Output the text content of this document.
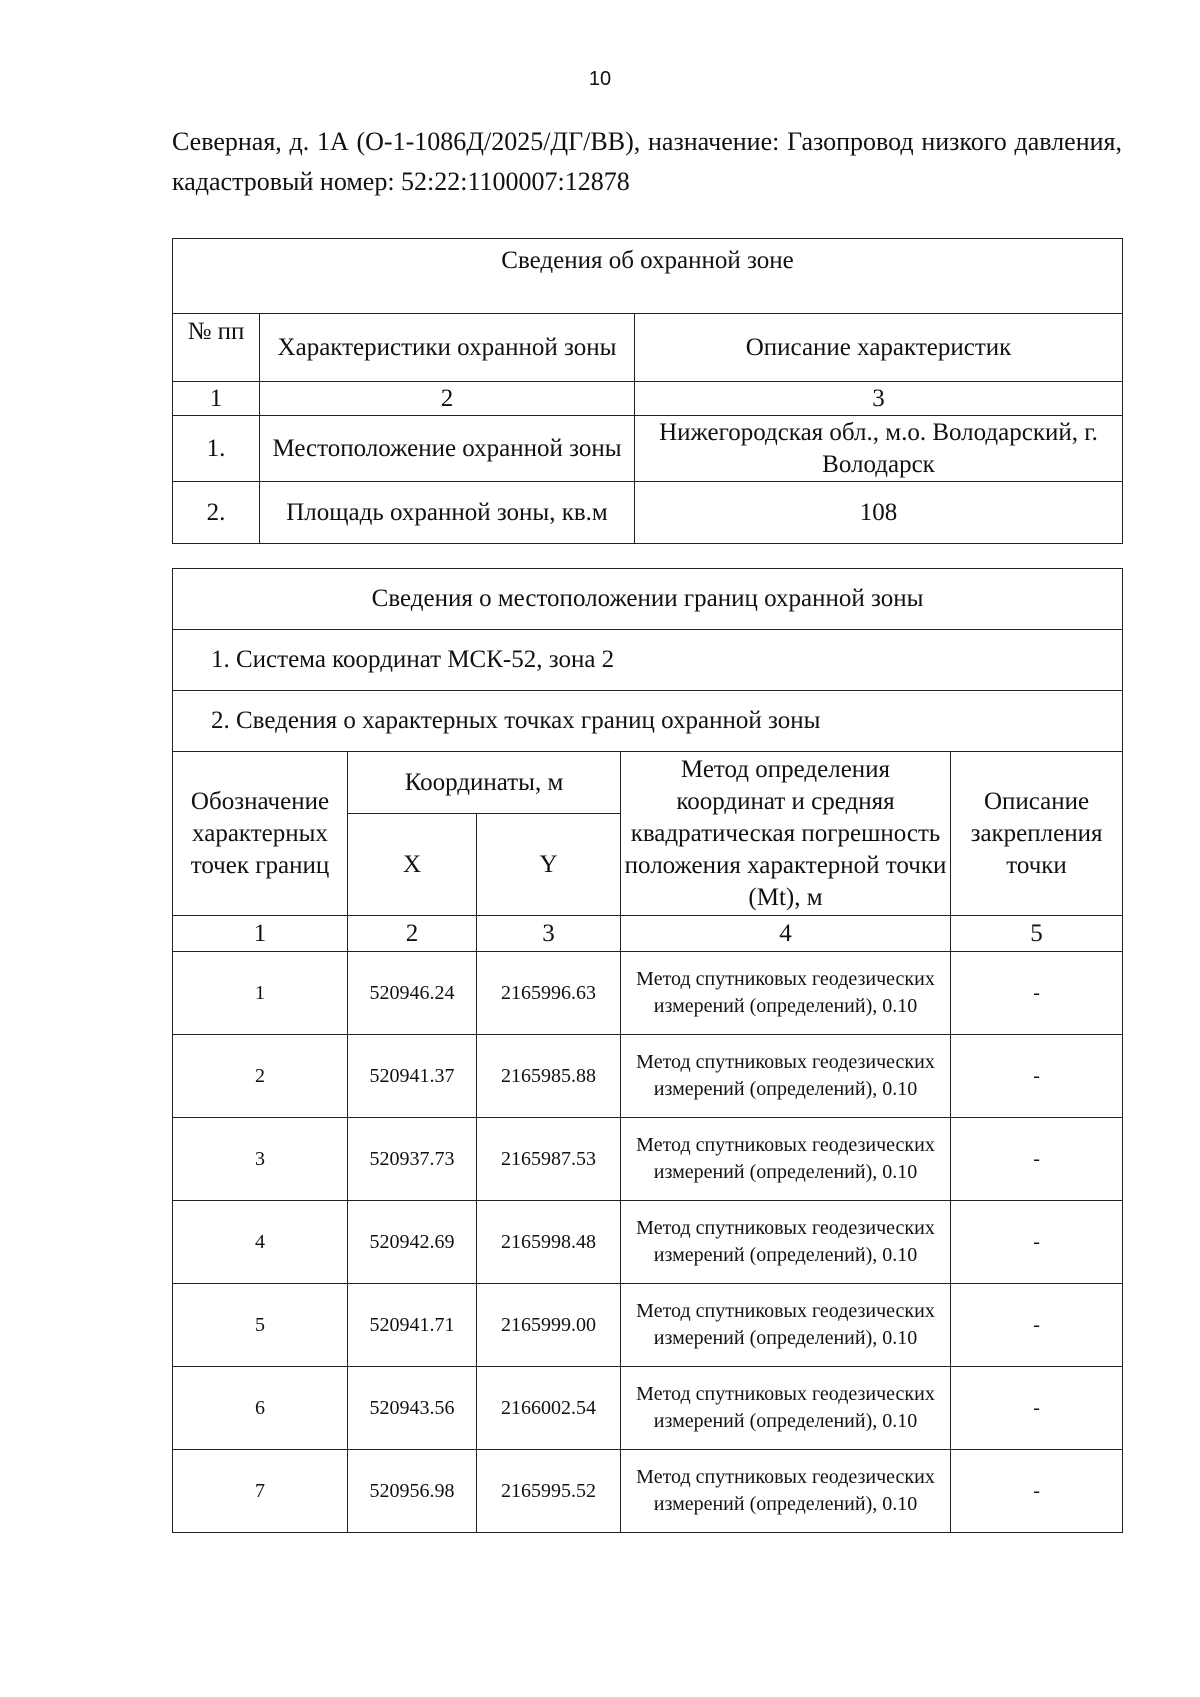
10
Северная, д. 1А (О-1-1086Д/2025/ДГ/ВВ), назначение: Газопровод низкого давления, кадастровый номер: 52:22:1100007:12878
Сведения об охранной зоне		
№ пп	Характеристики охранной зоны	Описание характеристик
1	2	3
1.	Местоположение охранной зоны	Нижегородская обл., м.о. Володарский, г. Володарск
2.	Площадь охранной зоны, кв.м	108
Сведения о местоположении границ охранной зоны				
1. Система координат МСК-52, зона 2				
2. Сведения о характерных точках границ охранной зоны				
Обозначение характерных точек границ	Координаты, м		Метод определения координат и средняя квадратическая погрешность положения характерной точки (Mt), м	Описание закрепления точки
	X	Y		
1	2	3	4	5
1	520946.24	2165996.63	Метод спутниковых геодезических измерений (определений), 0.10	-
2	520941.37	2165985.88	Метод спутниковых геодезических измерений (определений), 0.10	-
3	520937.73	2165987.53	Метод спутниковых геодезических измерений (определений), 0.10	-
4	520942.69	2165998.48	Метод спутниковых геодезических измерений (определений), 0.10	-
5	520941.71	2165999.00	Метод спутниковых геодезических измерений (определений), 0.10	-
6	520943.56	2166002.54	Метод спутниковых геодезических измерений (определений), 0.10	-
7	520956.98	2165995.52	Метод спутниковых геодезических измерений (определений), 0.10	-
